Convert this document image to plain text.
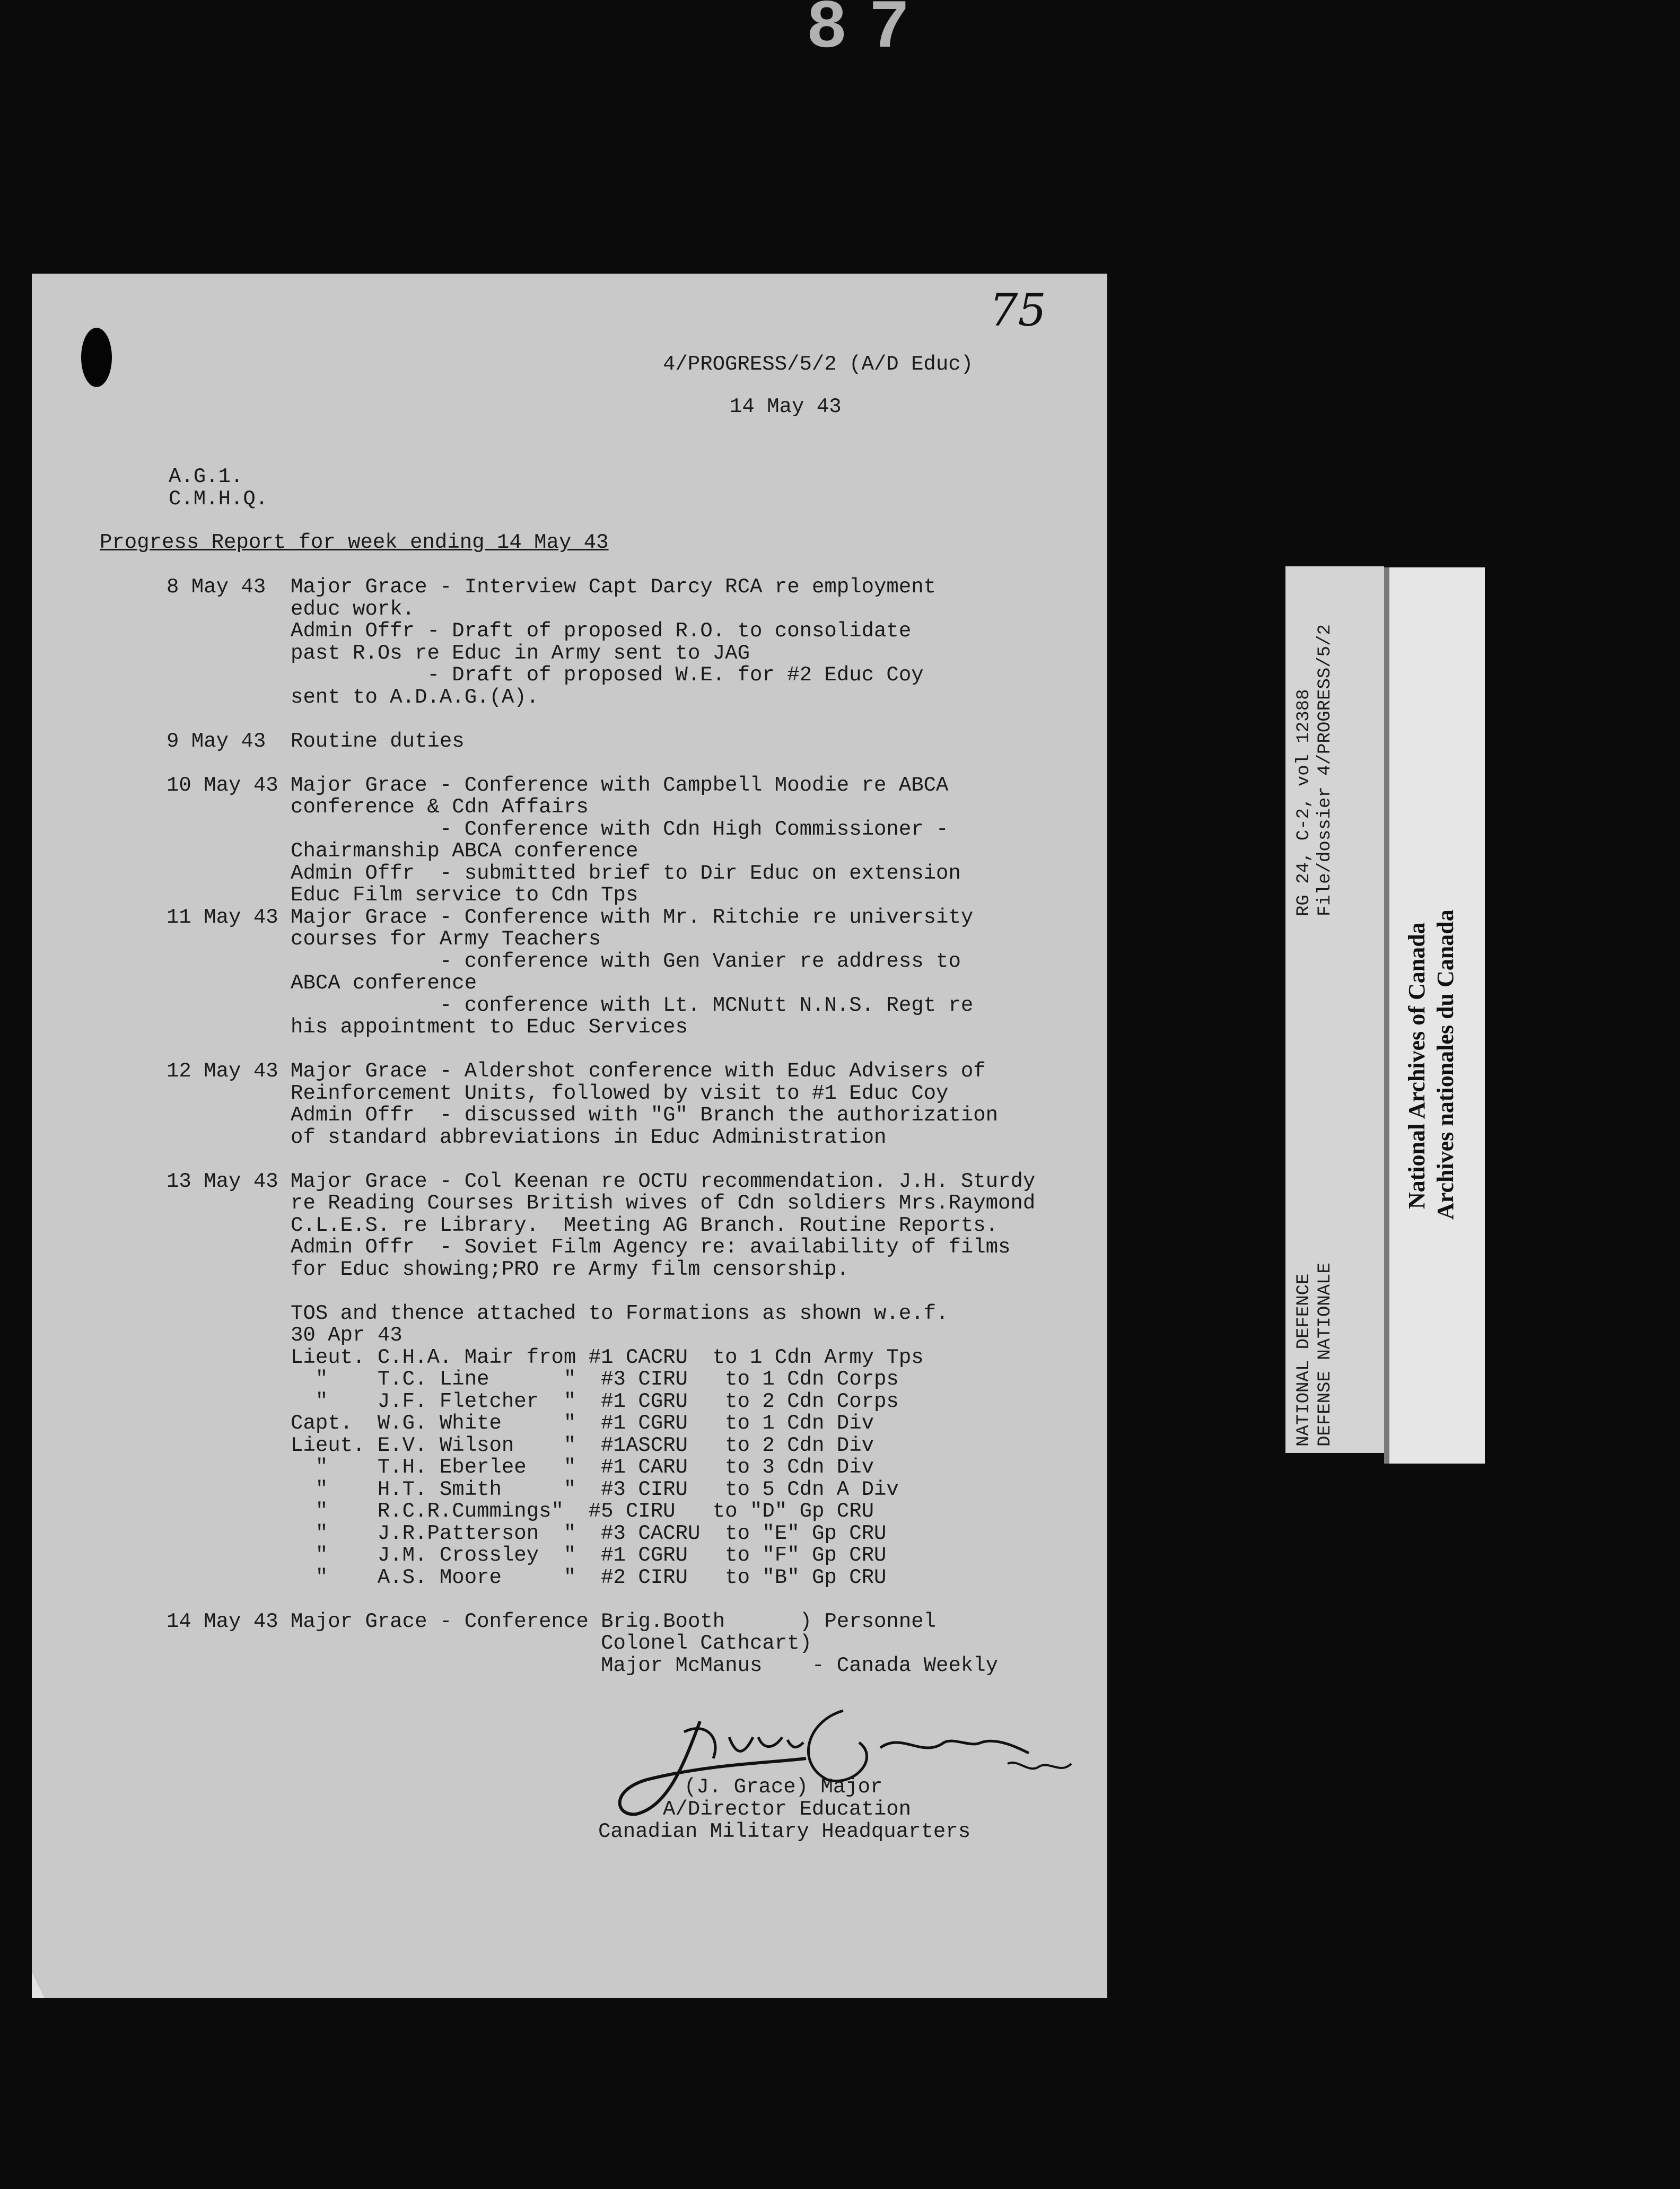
87
75
4/PROGRESS/5/2 (A/D Educ)
14 May 43
A.G.1.
C.M.H.Q.
Progress Report for week ending 14 May 43
8 May 43  Major Grace - Interview Capt Darcy RCA re employment
educ work.
Admin Offr - Draft of proposed R.O. to consolidate
past R.Os re Educ in Army sent to JAG
- Draft of proposed W.E. for #2 Educ Coy
sent to A.D.A.G.(A).
9 May 43  Routine duties
10 May 43 Major Grace - Conference with Campbell Moodie re ABCA
conference & Cdn Affairs
- Conference with Cdn High Commissioner -
Chairmanship ABCA conference
Admin Offr  - submitted brief to Dir Educ on extension
Educ Film service to Cdn Tps
11 May 43 Major Grace - Conference with Mr. Ritchie re university
courses for Army Teachers
- conference with Gen Vanier re address to
ABCA conference
- conference with Lt. MCNutt N.N.S. Regt re
his appointment to Educ Services
12 May 43 Major Grace - Aldershot conference with Educ Advisers of
Reinforcement Units, followed by visit to #1 Educ Coy
Admin Offr  - discussed with "G" Branch the authorization
of standard abbreviations in Educ Administration
13 May 43 Major Grace - Col Keenan re OCTU recommendation. J.H. Sturdy
re Reading Courses British wives of Cdn soldiers Mrs.Raymond
C.L.E.S. re Library.  Meeting AG Branch. Routine Reports.
Admin Offr  - Soviet Film Agency re: availability of films
for Educ showing;PRO re Army film censorship.
TOS and thence attached to Formations as shown w.e.f.
30 Apr 43
Lieut. C.H.A. Mair from #1 CACRU  to 1 Cdn Army Tps
"    T.C. Line      "  #3 CIRU   to 1 Cdn Corps
"    J.F. Fletcher  "  #1 CGRU   to 2 Cdn Corps
Capt.  W.G. White     "  #1 CGRU   to 1 Cdn Div
Lieut. E.V. Wilson    "  #1ASCRU   to 2 Cdn Div
"    T.H. Eberlee   "  #1 CARU   to 3 Cdn Div
"    H.T. Smith     "  #3 CIRU   to 5 Cdn A Div
"    R.C.R.Cummings"  #5 CIRU   to "D" Gp CRU
"    J.R.Patterson  "  #3 CACRU  to "E" Gp CRU
"    J.M. Crossley  "  #1 CGRU   to "F" Gp CRU
"    A.S. Moore     "  #2 CIRU   to "B" Gp CRU
14 May 43 Major Grace - Conference Brig.Booth      ) Personnel
Colonel Cathcart)
Major McManus    - Canada Weekly
(J. Grace) Major
A/Director Education
Canadian Military Headquarters
RG 24, C-2, vol 12388 File/dossier 4/PROGRESS/5/2
NATIONAL DEFENCE DEFENSE NATIONALE
National Archives of Canada Archives nationales du Canada
